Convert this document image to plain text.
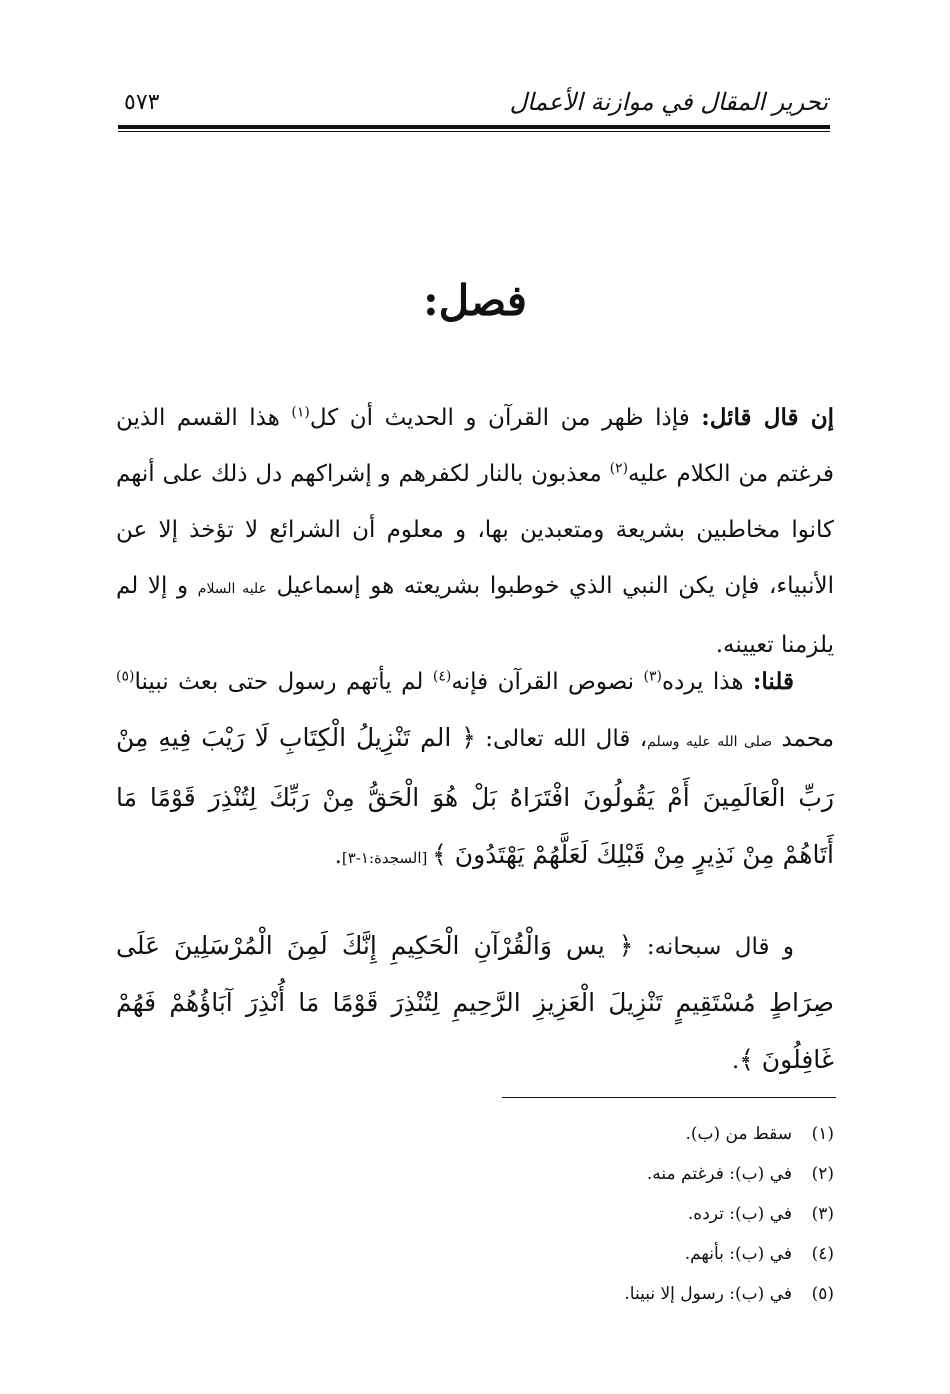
تحرير المقال في موازنة الأعمال
٥٧٣
فصل:

إن قال قائل: فإذا ظهر من القرآن و الحديث أن كل$^{(١)}$ هذا القسم الذين فرغتم من الكلام عليه$^{(٢)}$ معذبون بالنار لكفرهم و إشراكهم دل ذلك على أنهم كانوا مخاطبين بشريعة ومتعبدين بها، و معلوم أن الشرائع لا تؤخذ إلا عن الأنبياء، فإن يكن النبي الذي خوطبوا بشريعته هو إسماعيل عليه السلام و إلا لم يلزمنا تعيينه.

قلنا: هذا يرده$^{(٣)}$ نصوص القرآن فإنه$^{(٤)}$ لم يأتهم رسول حتى بعث نبينا$^{(٥)}$ محمد صلى الله عليه وسلم، قال الله تعالى: ﴿ الم تَنْزِيلُ الْكِتَابِ لَا رَيْبَ فِيهِ مِنْ رَبِّ الْعَالَمِينَ أَمْ يَقُولُونَ افْتَرَاهُ بَلْ هُوَ الْحَقُّ مِنْ رَبِّكَ لِتُنْذِرَ قَوْمًا مَا أَتَاهُمْ مِنْ نَذِيرٍ مِنْ قَبْلِكَ لَعَلَّهُمْ يَهْتَدُونَ ﴾ [السجدة:١-٣].

و قال سبحانه: ﴿ يس وَالْقُرْآنِ الْحَكِيمِ إِنَّكَ لَمِنَ الْمُرْسَلِينَ عَلَى صِرَاطٍ مُسْتَقِيمٍ تَنْزِيلَ الْعَزِيزِ الرَّحِيمِ لِتُنْذِرَ قَوْمًا مَا أُنْذِرَ آبَاؤُهُمْ فَهُمْ غَافِلُونَ ﴾.

(١)سقط من (ب).
(٢)في (ب): فرغتم منه.
(٣)في (ب): ترده.
(٤)في (ب): بأنهم.
(٥)في (ب): رسول إلا نبينا.
